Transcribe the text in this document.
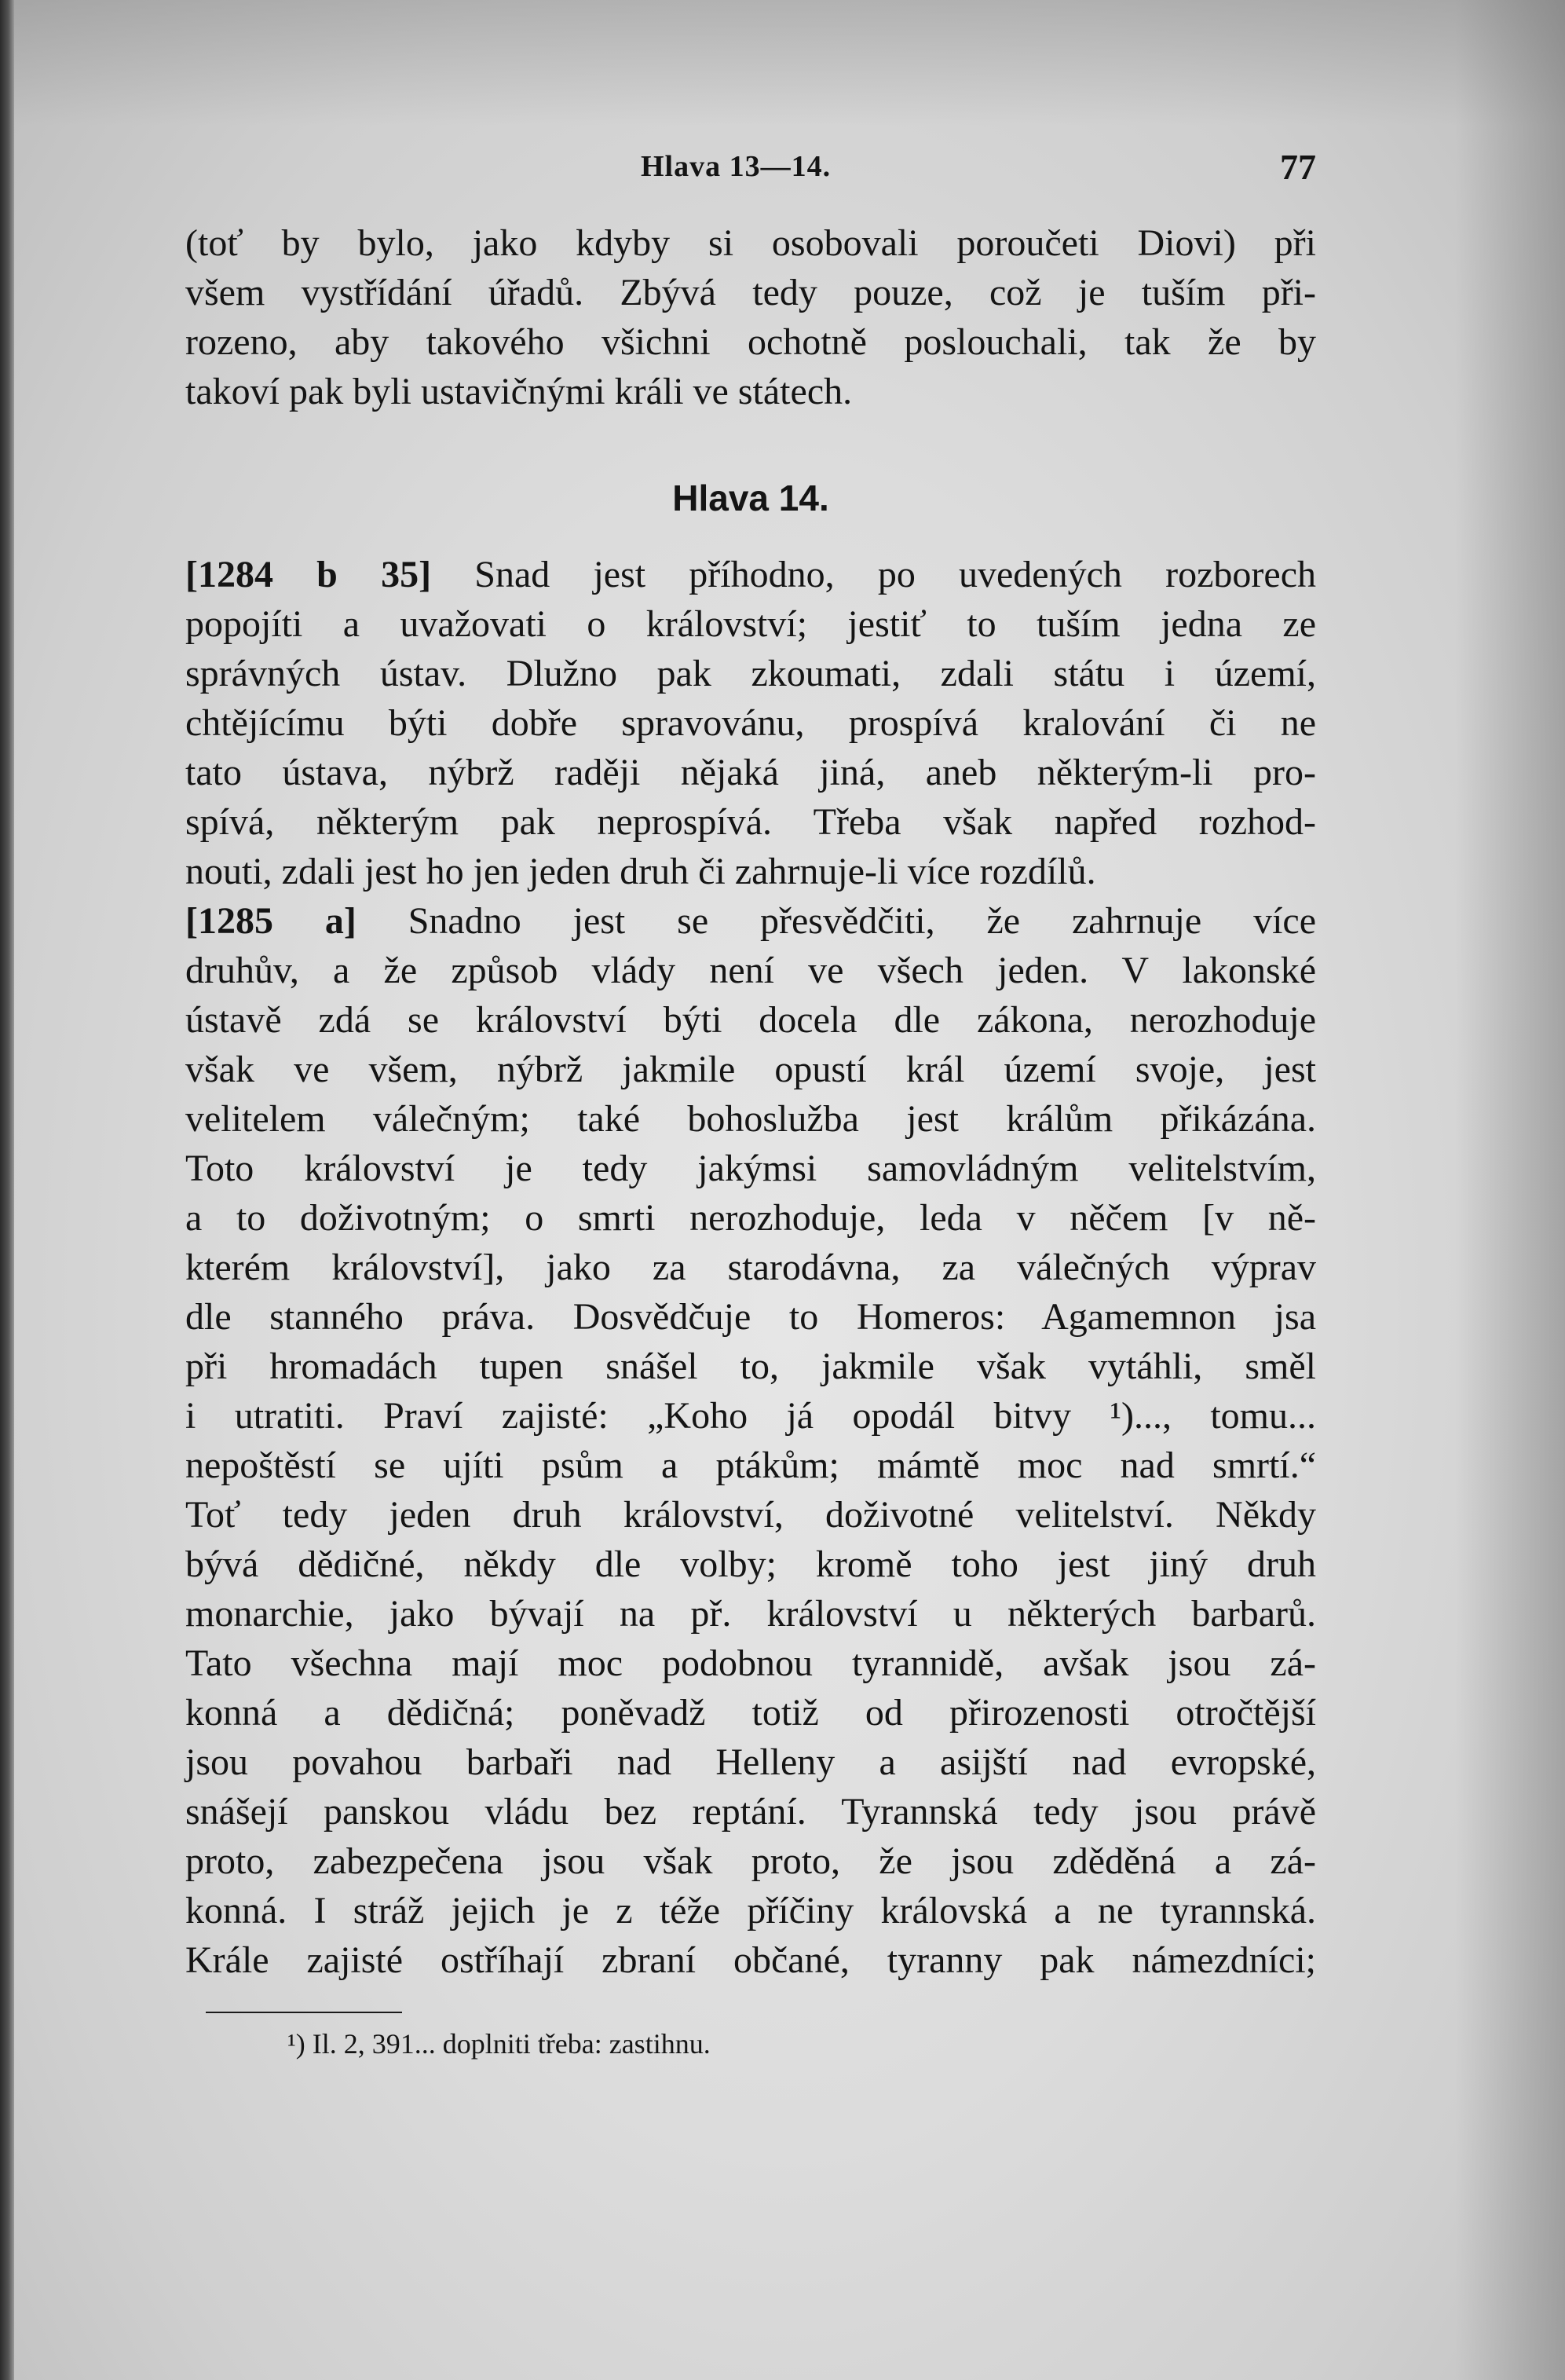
Hlava 13—14.	77
(toť by bylo, jako kdyby si osobovali poroučeti Diovi) při
všem vystřídání úřadů. Zbývá tedy pouze, což je tuším při-
rozeno, aby takového všichni ochotně poslouchali, tak že by
takoví pak byli ustavičnými králi ve státech.
Hlava 14.
[1284 b 35] Snad jest příhodno, po uvedených rozborech
popojíti a uvažovati o království; jestiť to tuším jedna ze
správných ústav. Dlužno pak zkoumati, zdali státu i území,
chtějícímu býti dobře spravovánu, prospívá kralování či ne
tato ústava, nýbrž raději nějaká jiná, aneb některým-li pro-
spívá, některým pak neprospívá. Třeba však napřed rozhod-
nouti, zdali jest ho jen jeden druh či zahrnuje-li více rozdílů.
[1285 a] Snadno jest se přesvědčiti, že zahrnuje více
druhův, a že způsob vlády není ve všech jeden. V lakonské
ústavě zdá se království býti docela dle zákona, nerozhoduje
však ve všem, nýbrž jakmile opustí král území svoje, jest
velitelem válečným; také bohoslužba jest králům přikázána.
Toto království je tedy jakýmsi samovládným velitelstvím,
a to doživotným; o smrti nerozhoduje, leda v něčem [v ně-
kterém království], jako za starodávna, za válečných výprav
dle stanného práva. Dosvědčuje to Homeros: Agamemnon jsa
při hromadách tupen snášel to, jakmile však vytáhli, směl
i utratiti. Praví zajisté: „Koho já opodál bitvy ¹)..., tomu...
nepoštěstí se ujíti psům a ptákům; mámtě moc nad smrtí.“
Toť tedy jeden druh království, doživotné velitelství. Někdy
bývá dědičné, někdy dle volby; kromě toho jest jiný druh
monarchie, jako bývají na př. království u některých barbarů.
Tato všechna mají moc podobnou tyrannidě, avšak jsou zá-
konná a dědičná; poněvadž totiž od přirozenosti otročtější
jsou povahou barbaři nad Helleny a asijští nad evropské,
snášejí panskou vládu bez reptání. Tyrannská tedy jsou právě
proto, zabezpečena jsou však proto, že jsou zděděná a zá-
konná. I stráž jejich je z téže příčiny královská a ne tyrannská.
Krále zajisté ostříhají zbraní občané, tyranny pak námezdníci;
¹) Il. 2, 391... doplniti třeba: zastihnu.
